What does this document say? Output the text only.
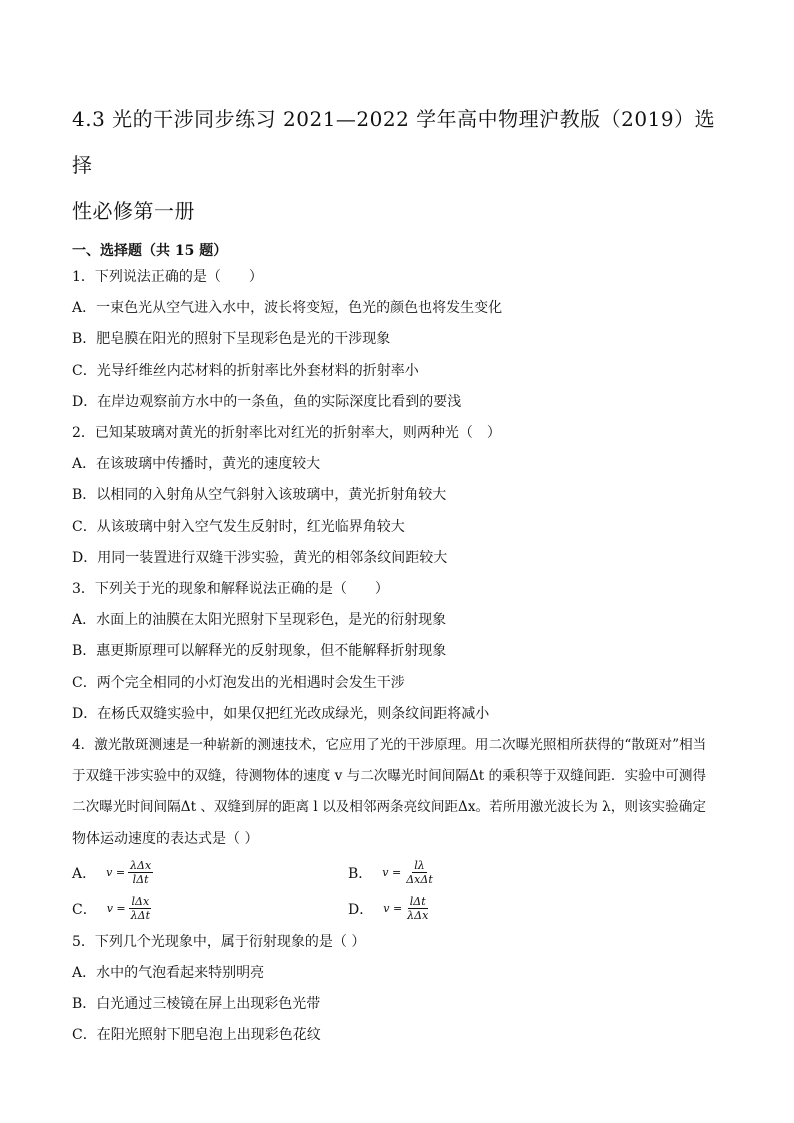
4.3 光的干涉同步练习 2021—2022 学年高中物理沪教版（2019）选择
性必修第一册
一、选择题（共 15 题）
1．下列说法正确的是（　　）
A．一束色光从空气进入水中，波长将变短，色光的颜色也将发生变化
B．肥皂膜在阳光的照射下呈现彩色是光的干涉现象
C．光导纤维丝内芯材料的折射率比外套材料的折射率小
D．在岸边观察前方水中的一条鱼，鱼的实际深度比看到的要浅
2．已知某玻璃对黄光的折射率比对红光的折射率大，则两种光（　）
A．在该玻璃中传播时，黄光的速度较大
B．以相同的入射角从空气斜射入该玻璃中，黄光折射角较大
C．从该玻璃中射入空气发生反射时，红光临界角较大
D．用同一装置进行双缝干涉实验，黄光的相邻条纹间距较大
3．下列关于光的现象和解释说法正确的是（　　）
A．水面上的油膜在太阳光照射下呈现彩色，是光的衍射现象
B．惠更斯原理可以解释光的反射现象，但不能解释折射现象
C．两个完全相同的小灯泡发出的光相遇时会发生干涉
D．在杨氏双缝实验中，如果仅把红光改成绿光，则条纹间距将减小
4．激光散斑测速是一种崭新的测速技术，它应用了光的干涉原理。用二次曝光照相所获得的“散斑对”相当
于双缝干涉实验中的双缝，待测物体的速度 v 与二次曝光时间间隔Δt 的乘积等于双缝间距．实验中可测得
二次曝光时间间隔Δt 、双缝到屏的距离 l 以及相邻两条亮纹间距Δx。若所用激光波长为 λ，则该实验确定
物体运动速度的表达式是（ ）
A． $v = \frac{\text{λΔx}}{\text{lΔt}}$	B． $v = \frac{l\lambda}{\text{ΔxΔt}}$
C． $v = \frac{\text{lΔx}}{\text{λΔt}}$	D． $v = \frac{\text{lΔt}}{\text{λΔx}}$
5．下列几个光现象中，属于衍射现象的是（ ）
A．水中的气泡看起来特别明亮
B．白光通过三棱镜在屏上出现彩色光带
C．在阳光照射下肥皂泡上出现彩色花纹
